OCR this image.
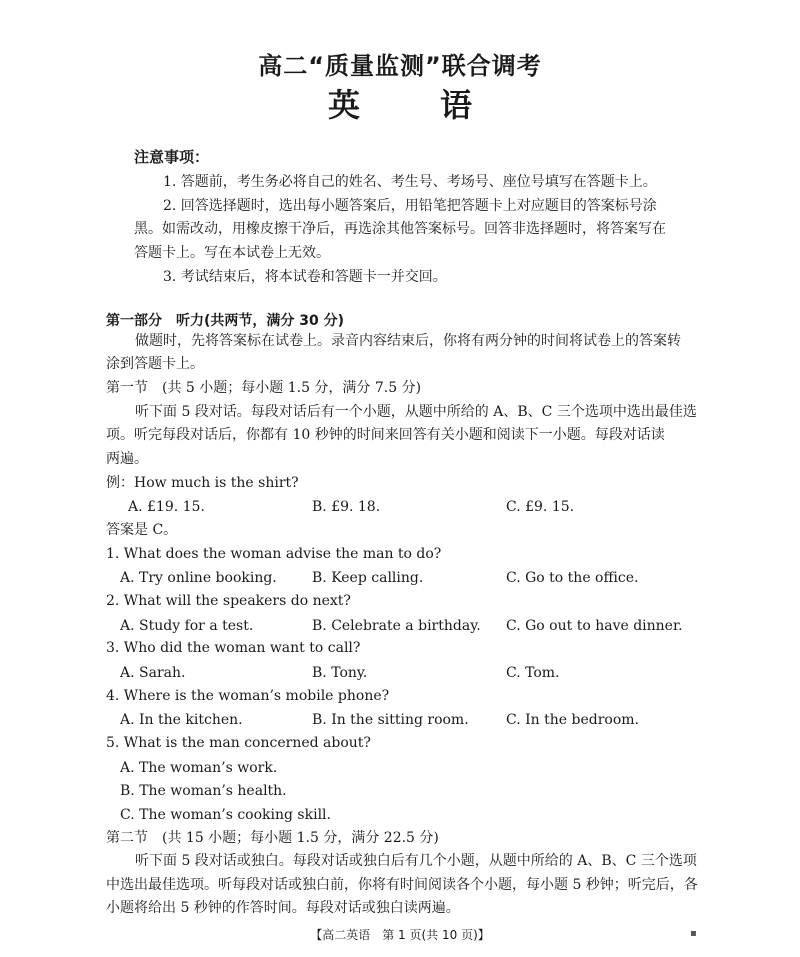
高二“质量监测”联合调考
英	语
注意事项：
1. 答题前，考生务必将自己的姓名、考生号、考场号、座位号填写在答题卡上。
2. 回答选择题时，选出每小题答案后，用铅笔把答题卡上对应题目的答案标号涂
黑。如需改动，用橡皮擦干净后，再选涂其他答案标号。回答非选择题时，将答案写在
答题卡上。写在本试卷上无效。
3. 考试结束后，将本试卷和答题卡一并交回。
第一部分　听力(共两节，满分 30 分)
做题时，先将答案标在试卷上。录音内容结束后，你将有两分钟的时间将试卷上的答案转
涂到答题卡上。
第一节　(共 5 小题；每小题 1.5 分，满分 7.5 分)
听下面 5 段对话。每段对话后有一个小题，从题中所给的 A、B、C 三个选项中选出最佳选
项。听完每段对话后，你都有 10 秒钟的时间来回答有关小题和阅读下一小题。每段对话读
两遍。
例：How much is the shirt?
A. £19. 15.	B. £9. 18.	C. £9. 15.
答案是 C。
1. What does the woman advise the man to do?
A. Try online booking.	B. Keep calling.	C. Go to the office.
2. What will the speakers do next?
A. Study for a test.	B. Celebrate a birthday. C. Go out to have dinner.
3. Who did the woman want to call?
A. Sarah.	B. Tony.	C. Tom.
4. Where is the woman’s mobile phone?
A. In the kitchen.	B. In the sitting room.	C. In the bedroom.
5. What is the man concerned about?
A. The woman’s work.
B. The woman’s health.
C. The woman’s cooking skill.
第二节　(共 15 小题；每小题 1.5 分，满分 22.5 分)
听下面 5 段对话或独白。每段对话或独白后有几个小题，从题中所给的 A、B、C 三个选项
中选出最佳选项。听每段对话或独白前，你将有时间阅读各个小题，每小题 5 秒钟；听完后，各
小题将给出 5 秒钟的作答时间。每段对话或独白读两遍。
【高二英语　第 1 页(共 10 页)】	▪
